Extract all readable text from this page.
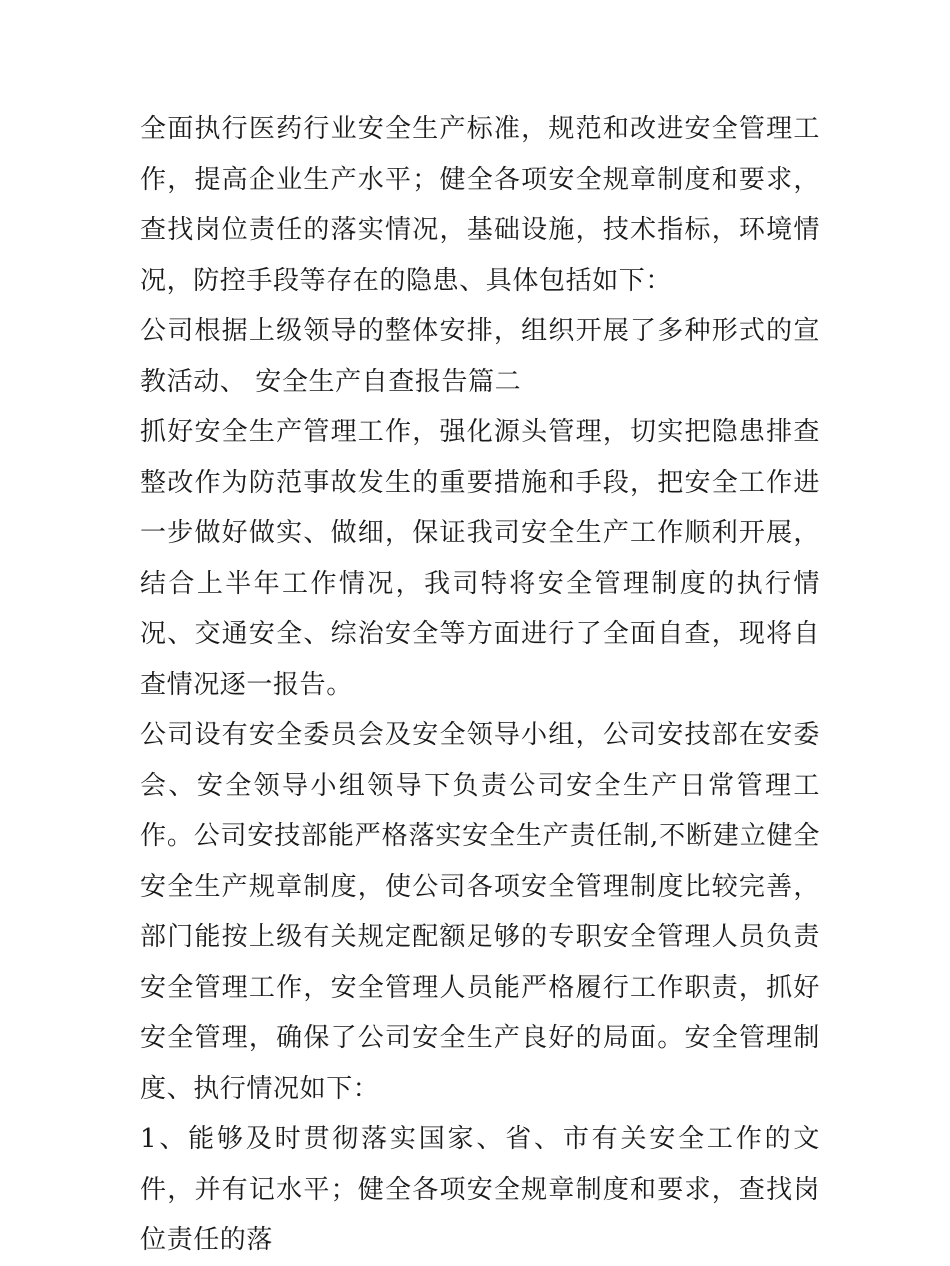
全面执行医药行业安全生产标准，规范和改进安全管理工作，提高企业生产水平；健全各项安全规章制度和要求，查找岗位责任的落实情况，基础设施，技术指标，环境情况，防控手段等存在的隐患、具体包括如下：

公司根据上级领导的整体安排，组织开展了多种形式的宣教活动、 安全生产自查报告篇二

抓好安全生产管理工作，强化源头管理，切实把隐患排查整改作为防范事故发生的重要措施和手段，把安全工作进一步做好做实、做细，保证我司安全生产工作顺利开展，结合上半年工作情况，我司特将安全管理制度的执行情况、交通安全、综治安全等方面进行了全面自查，现将自查情况逐一报告。

公司设有安全委员会及安全领导小组，公司安技部在安委会、安全领导小组领导下负责公司安全生产日常管理工作。公司安技部能严格落实安全生产责任制,不断建立健全安全生产规章制度，使公司各项安全管理制度比较完善，部门能按上级有关规定配额足够的专职安全管理人员负责安全管理工作，安全管理人员能严格履行工作职责，抓好安全管理，确保了公司安全生产良好的局面。安全管理制度、执行情况如下：

1、能够及时贯彻落实国家、省、市有关安全工作的文件，并有记水平；健全各项安全规章制度和要求，查找岗位责任的落
